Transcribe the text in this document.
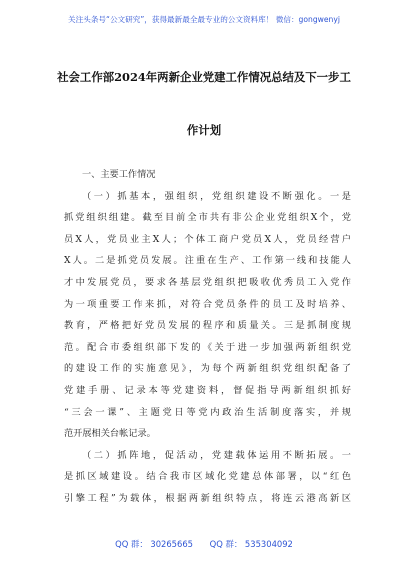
关注头条号“公文研究”，获得最新最全最专业的公文资料库！ 微信：gongwenyj
社会工作部2024年两新企业党建工作情况总结及下一步工
作计划
一、主要工作情况
（一）抓基本，强组织，党组织建设不断强化。一是
抓党组织组建。截至目前全市共有非公企业党组织X个，党
员X人，党员业主X人；个体工商户党员X人，党员经营户
X人。二是抓党员发展。注重在生产、工作第一线和技能人
才中发展党员，要求各基层党组织把吸收优秀员工入党作
为一项重要工作来抓，对符合党员条件的员工及时培养、
教育，严格把好党员发展的程序和质量关。三是抓制度规
范。配合市委组织部下发的《关于进一步加强两新组织党
的建设工作的实施意见》，为每个两新组织党组织配备了
党建手册、记录本等党建资料，督促指导两新组织抓好
“三会一课”、主题党日等党内政治生活制度落实，并规
范开展相关台帐记录。
（二）抓阵地，促活动，党建载体运用不断拓展。一
是抓区域建设。结合我市区域化党建总体部署，以“红色
引擎工程”为载体，根据两新组织特点，将连云港高新区
QQ 群： 30265665 QQ 群： 535304092
